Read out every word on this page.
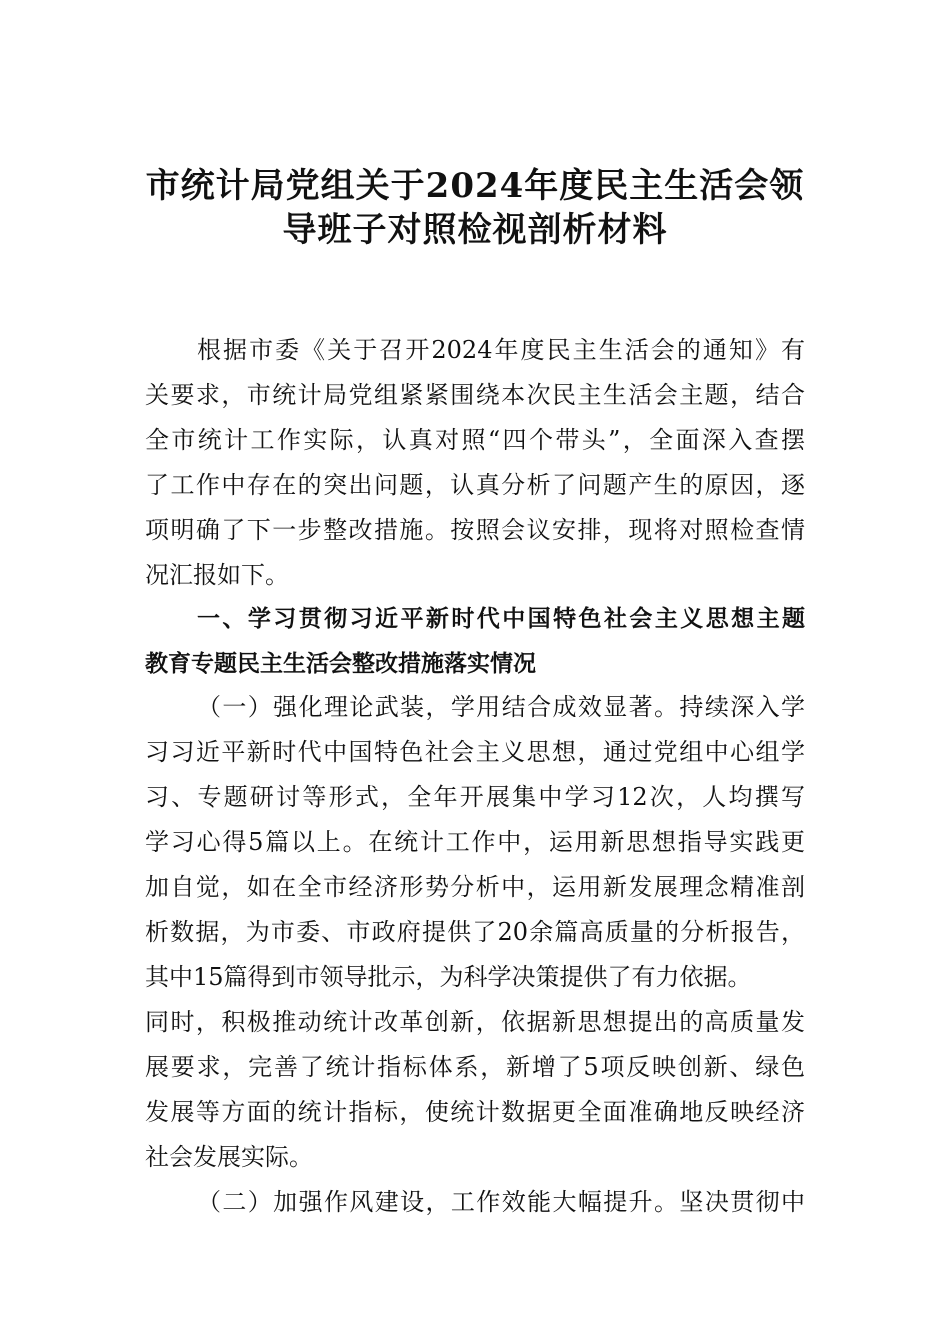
市统计局党组关于2024年度民主生活会领
导班子对照检视剖析材料
根据市委《关于召开2024年度民主生活会的通知》有
关要求，市统计局党组紧紧围绕本次民主生活会主题，结合
全市统计工作实际，认真对照“四个带头”，全面深入查摆
了工作中存在的突出问题，认真分析了问题产生的原因，逐
项明确了下一步整改措施。按照会议安排，现将对照检查情
况汇报如下。
一、学习贯彻习近平新时代中国特色社会主义思想主题
教育专题民主生活会整改措施落实情况
（一）强化理论武装，学用结合成效显著。持续深入学
习习近平新时代中国特色社会主义思想，通过党组中心组学
习、专题研讨等形式，全年开展集中学习12次，人均撰写
学习心得5篇以上。在统计工作中，运用新思想指导实践更
加自觉，如在全市经济形势分析中，运用新发展理念精准剖
析数据，为市委、市政府提供了20余篇高质量的分析报告，
其中15篇得到市领导批示，为科学决策提供了有力依据。
同时，积极推动统计改革创新，依据新思想提出的高质量发
展要求，完善了统计指标体系，新增了5项反映创新、绿色
发展等方面的统计指标，使统计数据更全面准确地反映经济
社会发展实际。
（二）加强作风建设，工作效能大幅提升。坚决贯彻中
